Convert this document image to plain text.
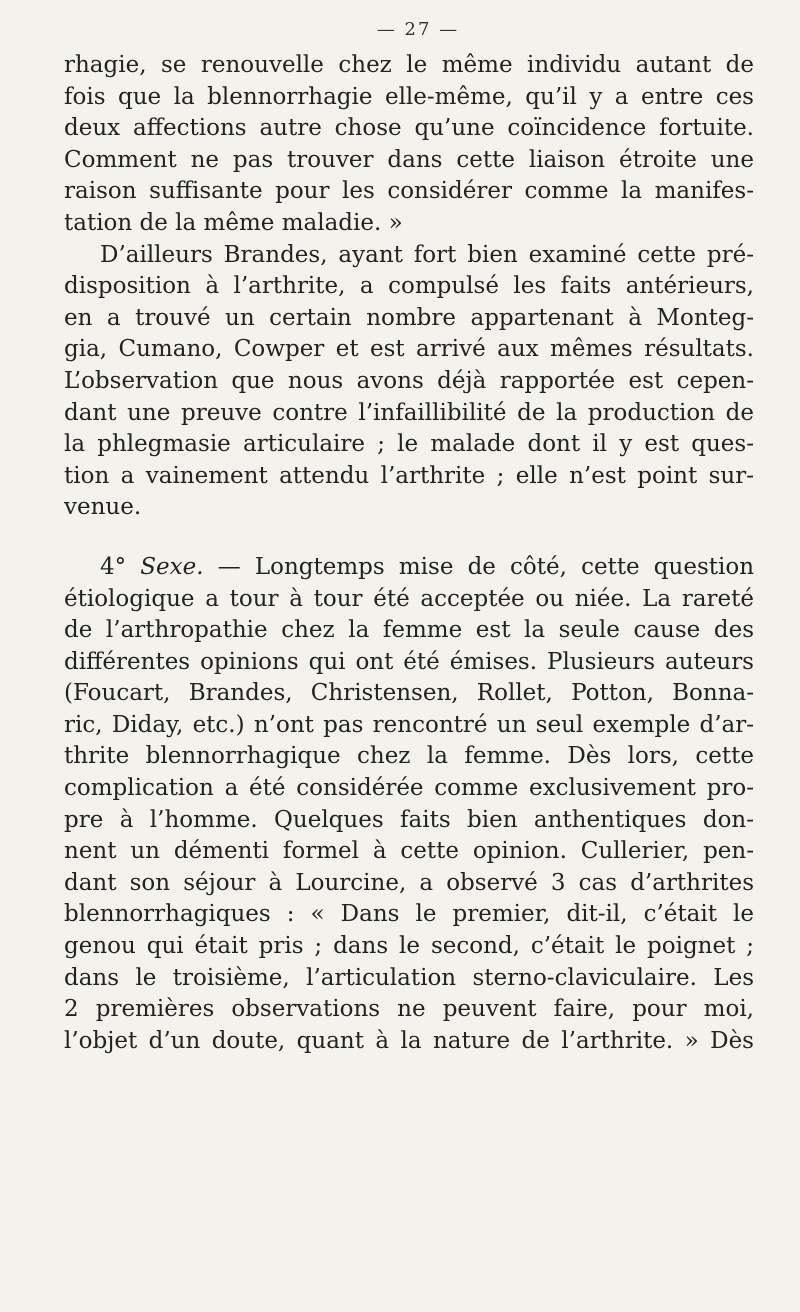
— 27 —
rhagie, se renouvelle chez le même individu autant de
fois que la blennorrhagie elle-même, qu’il y a entre ces
deux affections autre chose qu’une coïncidence fortuite.
Comment ne pas trouver dans cette liaison étroite une
raison suffisante pour les considérer comme la manifes-
tation de la même maladie. »
D’ailleurs Brandes, ayant fort bien examiné cette pré-
disposition à l’arthrite, a compulsé les faits antérieurs,
en a trouvé un certain nombre appartenant à Monteg-
gia, Cumano, Cowper et est arrivé aux mêmes résultats.
L’observation que nous avons déjà rapportée est cepen-
dant une preuve contre l’infaillibilité de la production de
la phlegmasie articulaire ; le malade dont il y est ques-
tion a vainement attendu l’arthrite ; elle n’est point sur-
venue.
4° Sexe. — Longtemps mise de côté, cette question
étiologique a tour à tour été acceptée ou niée. La rareté
de l’arthropathie chez la femme est la seule cause des
différentes opinions qui ont été émises. Plusieurs auteurs
(Foucart, Brandes, Christensen, Rollet, Potton, Bonna-
ric, Diday, etc.) n’ont pas rencontré un seul exemple d’ar-
thrite blennorrhagique chez la femme. Dès lors, cette
complication a été considérée comme exclusivement pro-
pre à l’homme. Quelques faits bien anthentiques don-
nent un démenti formel à cette opinion. Cullerier, pen-
dant son séjour à Lourcine, a observé 3 cas d’arthrites
blennorrhagiques : « Dans le premier, dit-il, c’était le
genou qui était pris ; dans le second, c’était le poignet ;
dans le troisième, l’articulation sterno-claviculaire. Les
2 premières observations ne peuvent faire, pour moi,
l’objet d’un doute, quant à la nature de l’arthrite. » Dès
